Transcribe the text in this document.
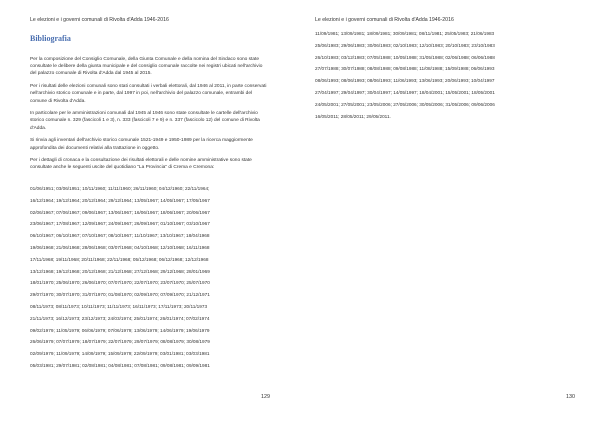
Le elezioni e i governi comunali di Rivolta d'Adda 1946-2016
Bibliografia

Per la composizione del Consiglio Comunale, della Giunta Comunale e della nomina del Sindaco sono state consultate le delibere della giunta municipale e del consiglio comunale raccolte nei registri ubicati nell'archivio del palazzo comunale di Rivolta d'Adda dal 1945 al 2015.

Per i risultati delle elezioni comunali sono stati consultati i verbali elettorali, dal 1946 al 2011, in parte conservati nell'archivio storico comunale e in parte, dal 1997 in poi, nell'archivio del palazzo comunale, entrambi del comune di Rivolta d'Adda.

In particolare per le amministrazioni comunali dal 1945 al 1946 sono state consultate le cartelle dell'archivio storico comunale n. 329 (fascicoli 1 e 3), n. 333 (fascicoli 7 e 9) e n. 337 (fascicolo 12) del comune di Rivolta d'Adda.

Si rinvia agli inventari dell'archivio storico comunale 1521-1949 e 1950-1989 per la ricerca maggiormente approfondita dei documenti relativi alla trattazione in oggetto.

Per i dettagli di cronaca e la consultazione dei risultati elettorali e delle nomine amministrative sono state consultate anche le seguenti uscite del quotidiano "La Provincia" di Crema e Cremona:

01/06/1951; 03/06/1951; 10/11/1960; 11/11/1960; 26/11/1960; 04/12/1960; 22/11/1964;
16/12/1964; 19/12/1964; 20/12/1964; 29/12/1964; 13/05/1967; 14/05/1967; 17/05/1967
02/06/1967; 07/06/1967; 09/06/1967; 13/06/1967; 16/06/1967; 18/06/1967; 20/06/1967
23/06/1967; 17/08/1967; 12/09/1967; 24/09/1967; 26/09/1967; 01/10/1967; 03/10/1967
06/10/1967; 06/10/1967; 07/10/1967; 08/10/1967; 11/10/1967; 13/10/1967; 18/04/1968
19/06/1968; 21/06/1968; 28/06/1968; 03/07/1968; 04/10/1968; 12/10/1968; 16/11/1968
17/11/1968; 19/11/1968; 20/11/1968; 22/11/1968; 05/12/1968; 06/12/1968; 12/12/1968
13/12/1968; 19/12/1968; 20/12/1968; 21/12/1968; 27/12/1968; 29/12/1968; 28/01/1969
18/01/1970; 25/06/1970; 26/06/1970; 07/07/1970; 22/07/1970; 23/07/1970; 25/07/1970
29/07/1970; 30/07/1970; 31/07/1970; 01/08/1970; 02/09/1970; 07/09/1970; 21/12/1971
08/11/1973; 08/11/1973; 10/11/1973; 11/11/1973; 16/11/1973; 17/11/1973; 20/11/1973
21/11/1973; 16/12/1973; 23/12/1973; 24/03/1974; 25/01/1974; 26/01/1974; 07/02/1974
09/02/1979; 11/05/1979; 06/06/1979; 07/06/1979; 13/06/1979; 14/06/1979; 19/06/1979
26/06/1979; 07/07/1979; 18/07/1979; 22/07/1979; 29/07/1979; 08/08/1979; 30/08/1979
02/09/1979; 11/09/1979; 14/09/1979; 15/09/1979; 22/09/1979; 03/01/1981; 03/03/1981
05/03/1981; 29/07/1981; 02/08/1981; 04/08/1981; 07/08/1981; 09/08/1981; 09/09/1981
129
Le elezioni e i governi comunali di Rivolta d'Adda 1946-2016
11/09/1981; 13/09/1981; 18/09/1981; 30/09/1981; 08/11/1981; 25/05/1983; 21/06/1983
25/06/1983; 29/06/1983; 30/06/1983; 02/10/1983; 12/10/1983; 20/10/1983; 23/10/1983
26/10/1983; 03/12/1983; 07/05/1988; 10/05/1988; 31/05/1988; 02/06/1988; 06/06/1988
27/07/1988; 30/07/1988; 08/08/1988; 09/08/1988; 11/08/1988; 15/09/1988; 06/06/1993
08/06/1993; 08/06/1993; 08/06/1993; 11/06/1993; 13/06/1993; 20/06/1993; 10/04/1997
27/04/1997; 29/04/1997; 30/04/1997; 14/05/1997; 18/04/2001; 15/05/2001; 18/05/2001
24/05/2001; 27/05/2001; 23/05/2006; 27/05/2006; 30/05/2006; 31/05/2006; 09/06/2006
16/05/2011; 28/05/2011; 29/05/2011.
130
